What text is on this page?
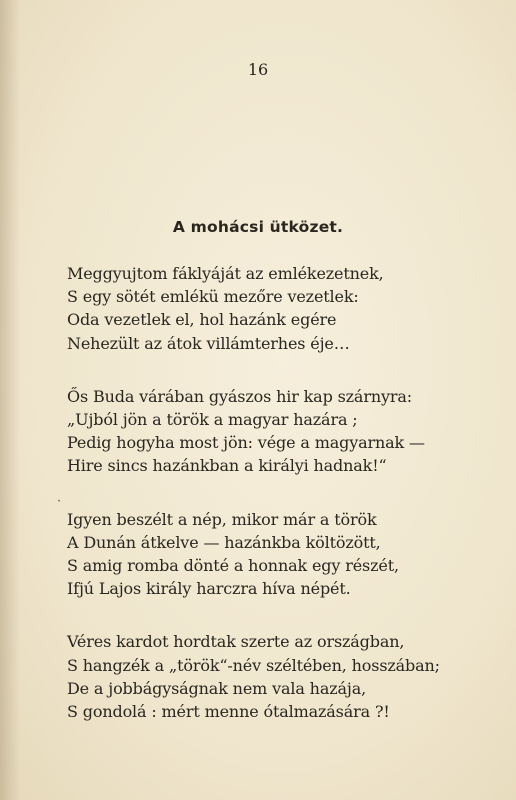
16
A mohácsi ütközet.
·
Meggyujtom fáklyáját az emlékezetnek,
S egy sötét emlékü mezőre vezetlek:
Oda vezetlek el, hol hazánk egére
Nehezült az átok villámterhes éje…
Ős Buda várában gyászos hir kap szárnyra:
„Ujból jön a török a magyar hazára ;
Pedig hogyha most jön: vége a magyarnak —
Hire sincs hazánkban a királyi hadnak!“
Igyen beszélt a nép, mikor már a török
A Dunán átkelve — hazánkba költözött,
S amig romba dönté a honnak egy részét,
Ifjú Lajos király harczra híva népét.
Véres kardot hordtak szerte az országban,
S hangzék a „török“-név széltében, hosszában;
De a jobbágyságnak nem vala hazája,
S gondolá : mért menne ótalmazására ?!
